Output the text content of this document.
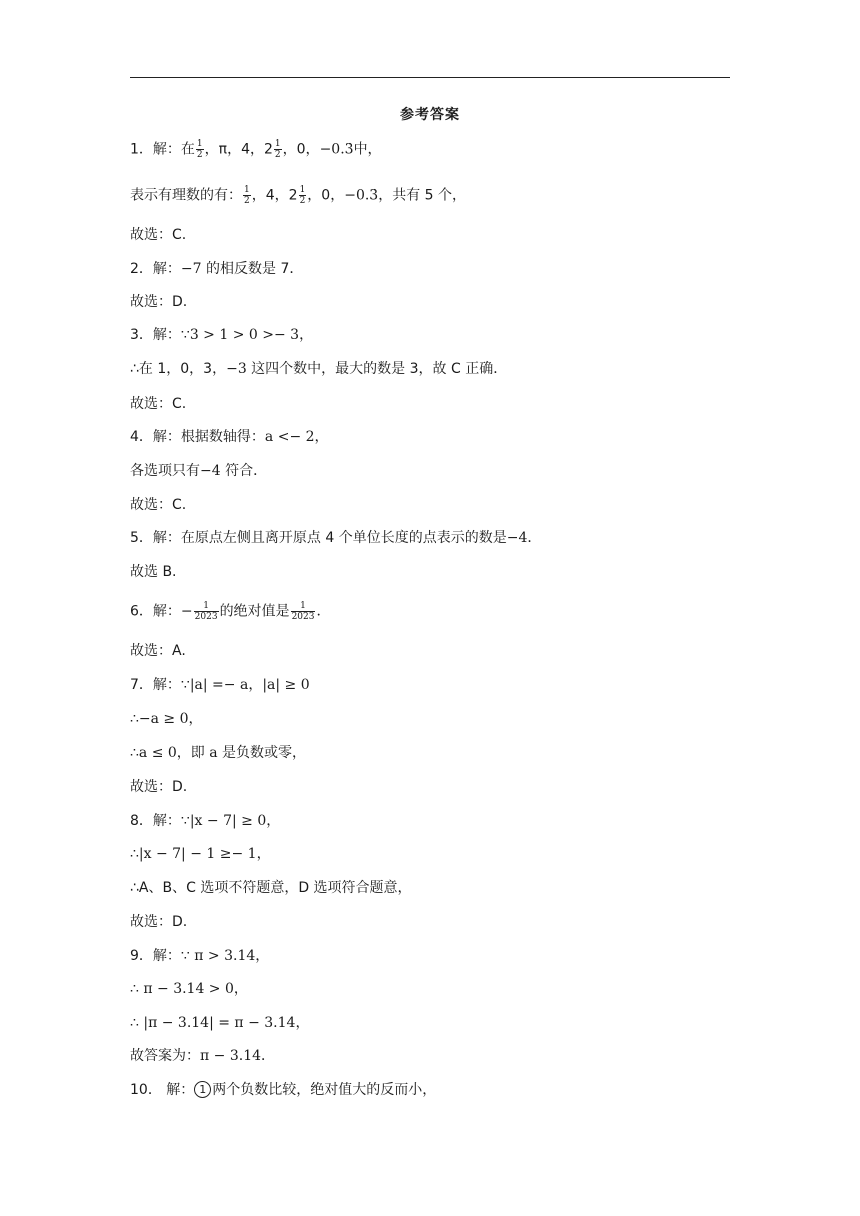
参考答案
1．解：在 $\frac{1}{2}$ ，π，4，$2 \frac{1}{2}$ ，0，−0.3̇中，
表示有理数的有： $\frac{1}{2}$ ，4，$2 \frac{1}{2}$ ，0，−0.3̇，共有 5 个，
故选：C.
2．解：−7 的相反数是 7．
故选：D.
3．解：∵3 > 1 > 0 >− 3，
∴在 1，0，3，−3 这四个数中，最大的数是 3，故 C 正确．
故选：C.
4．解：根据数轴得：a <− 2，
各选项只有−4 符合．
故选：C.
5．解：在原点左侧且离开原点 4 个单位长度的点表示的数是−4．
故选 B.
6．解：− $\frac{1}{2023}$ 的绝对值是 $\frac{1}{2023}$ ．
故选：A.
7．解：∵|a| =− a，|a| ≥ 0
∴−a ≥ 0，
∴a ≤ 0，即 a 是负数或零，
故选：D.
8．解：∵|x − 7| ≥ 0，
∴|x − 7| − 1 ≥− 1，
∴A、B、C 选项不符题意，D 选项符合题意，
故选：D.
9．解：∵ π > 3.14，
∴ π − 3.14 > 0，
∴ |π − 3.14| = π − 3.14，
故答案为：π − 3.14．
10． 解： 1 两个负数比较，绝对值大的反而小，
